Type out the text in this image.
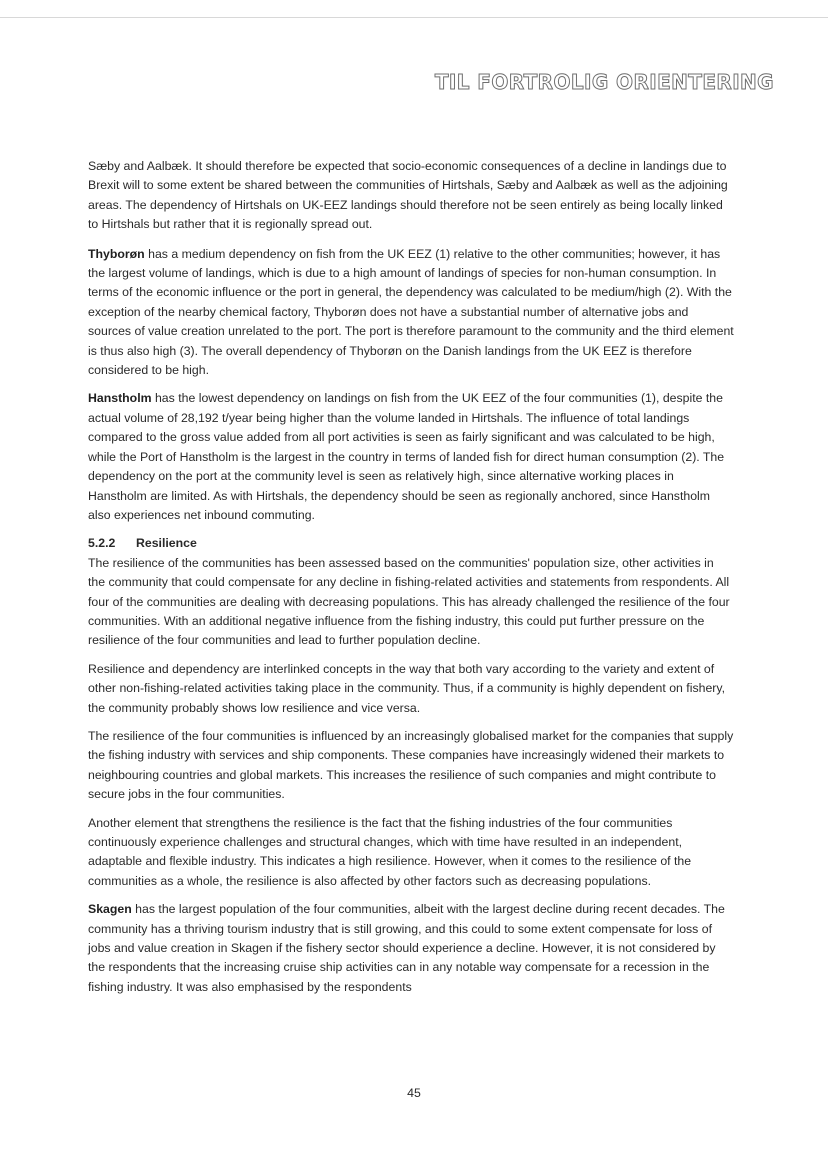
TIL FORTROLIG ORIENTERING

Sæby and Aalbæk. It should therefore be expected that socio-economic consequences of a decline in landings due to Brexit will to some extent be shared between the communities of Hirtshals, Sæby and Aalbæk as well as the adjoining areas. The dependency of Hirtshals on UK-EEZ landings should therefore not be seen entirely as being locally linked to Hirtshals but rather that it is regionally spread out.

Thyborøn has a medium dependency on fish from the UK EEZ (1) relative to the other communities; however, it has the largest volume of landings, which is due to a high amount of landings of species for non-human consumption. In terms of the economic influence or the port in general, the dependency was calculated to be medium/high (2). With the exception of the nearby chemical factory, Thyborøn does not have a substantial number of alternative jobs and sources of value creation unrelated to the port. The port is therefore paramount to the community and the third element is thus also high (3). The overall dependency of Thyborøn on the Danish landings from the UK EEZ is therefore considered to be high.

Hanstholm has the lowest dependency on landings on fish from the UK EEZ of the four communities (1), despite the actual volume of 28,192 t/year being higher than the volume landed in Hirtshals. The influence of total landings compared to the gross value added from all port activities is seen as fairly significant and was calculated to be high, while the Port of Hanstholm is the largest in the country in terms of landed fish for direct human consumption (2). The dependency on the port at the community level is seen as relatively high, since alternative working places in Hanstholm are limited. As with Hirtshals, the dependency should be seen as regionally anchored, since Hanstholm also experiences net inbound commuting.

5.2.2 Resilience

The resilience of the communities has been assessed based on the communities' population size, other activities in the community that could compensate for any decline in fishing-related activities and statements from respondents. All four of the communities are dealing with decreasing populations. This has already challenged the resilience of the four communities. With an additional negative influence from the fishing industry, this could put further pressure on the resilience of the four communities and lead to further population decline.

Resilience and dependency are interlinked concepts in the way that both vary according to the variety and extent of other non-fishing-related activities taking place in the community. Thus, if a community is highly dependent on fishery, the community probably shows low resilience and vice versa.

The resilience of the four communities is influenced by an increasingly globalised market for the companies that supply the fishing industry with services and ship components. These companies have increasingly widened their markets to neighbouring countries and global markets. This increases the resilience of such companies and might contribute to secure jobs in the four communities.

Another element that strengthens the resilience is the fact that the fishing industries of the four communities continuously experience challenges and structural changes, which with time have resulted in an independent, adaptable and flexible industry. This indicates a high resilience. However, when it comes to the resilience of the communities as a whole, the resilience is also affected by other factors such as decreasing populations.

Skagen has the largest population of the four communities, albeit with the largest decline during recent decades. The community has a thriving tourism industry that is still growing, and this could to some extent compensate for loss of jobs and value creation in Skagen if the fishery sector should experience a decline. However, it is not considered by the respondents that the increasing cruise ship activities can in any notable way compensate for a recession in the fishing industry. It was also emphasised by the respondents

45
